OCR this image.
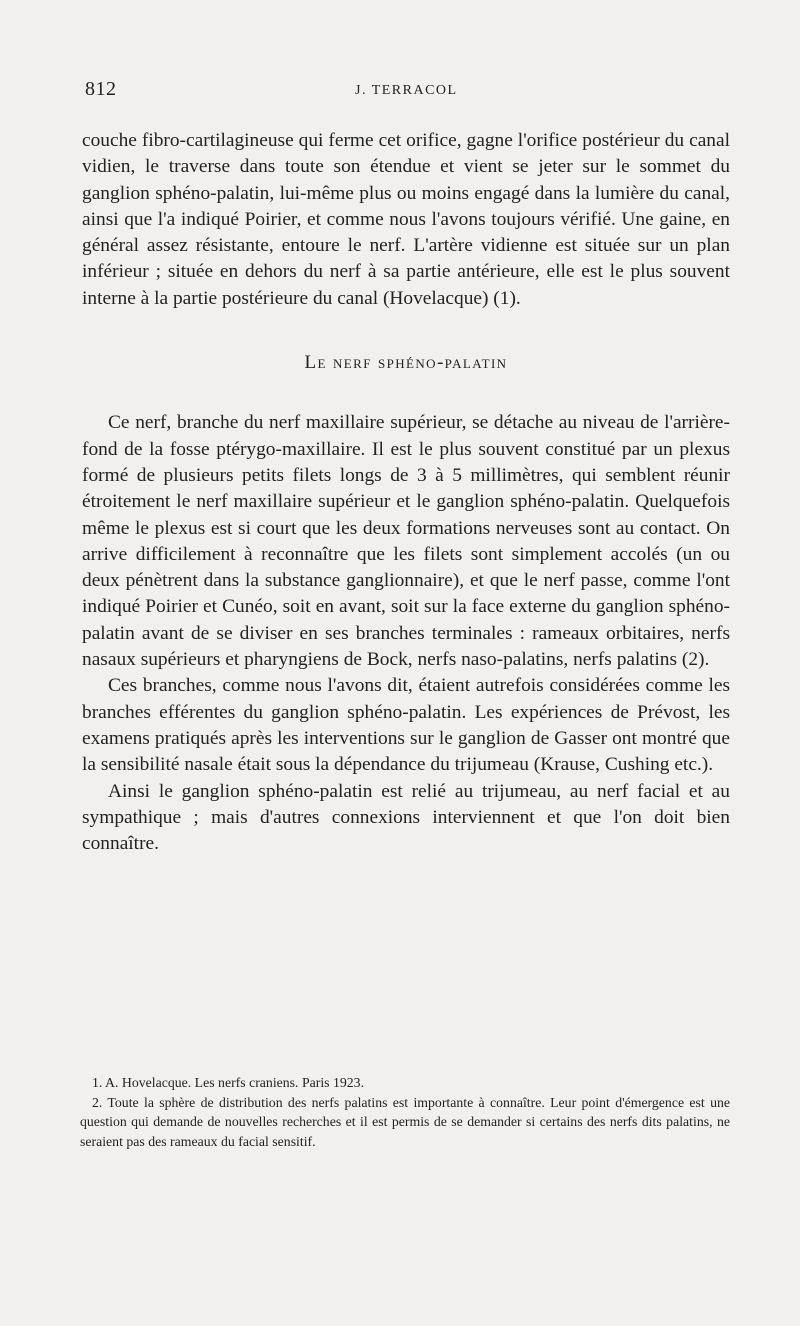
812	J. TERRACOL

couche fibro-cartilagineuse qui ferme cet orifice, gagne l'orifice postérieur du canal vidien, le traverse dans toute son étendue et vient se jeter sur le sommet du ganglion sphéno-palatin, lui-même plus ou moins engagé dans la lumière du canal, ainsi que l'a indiqué Poirier, et comme nous l'avons toujours vérifié. Une gaine, en général assez résistante, entoure le nerf. L'artère vidienne est située sur un plan inférieur ; située en dehors du nerf à sa partie antérieure, elle est le plus souvent interne à la partie postérieure du canal (Hovelacque) (1).

Le nerf sphéno-palatin

Ce nerf, branche du nerf maxillaire supérieur, se détache au niveau de l'arrière-fond de la fosse ptérygo-maxillaire. Il est le plus souvent constitué par un plexus formé de plusieurs petits filets longs de 3 à 5 millimètres, qui semblent réunir étroitement le nerf maxillaire supérieur et le ganglion sphéno-palatin. Quelquefois même le plexus est si court que les deux formations nerveuses sont au contact. On arrive difficilement à reconnaître que les filets sont simplement accolés (un ou deux pénètrent dans la substance ganglionnaire), et que le nerf passe, comme l'ont indiqué Poirier et Cunéo, soit en avant, soit sur la face externe du ganglion sphéno-palatin avant de se diviser en ses branches terminales : rameaux orbitaires, nerfs nasaux supérieurs et pharyngiens de Bock, nerfs naso-palatins, nerfs palatins (2).

Ces branches, comme nous l'avons dit, étaient autrefois considérées comme les branches efférentes du ganglion sphéno-palatin. Les expériences de Prévost, les examens pratiqués après les interventions sur le ganglion de Gasser ont montré que la sensibilité nasale était sous la dépendance du trijumeau (Krause, Cushing etc.).

Ainsi le ganglion sphéno-palatin est relié au trijumeau, au nerf facial et au sympathique ; mais d'autres connexions interviennent et que l'on doit bien connaître.

1. A. Hovelacque. Les nerfs craniens. Paris 1923.

2. Toute la sphère de distribution des nerfs palatins est importante à connaître. Leur point d'émergence est une question qui demande de nouvelles recherches et il est permis de se demander si certains des nerfs dits palatins, ne seraient pas des rameaux du facial sensitif.
